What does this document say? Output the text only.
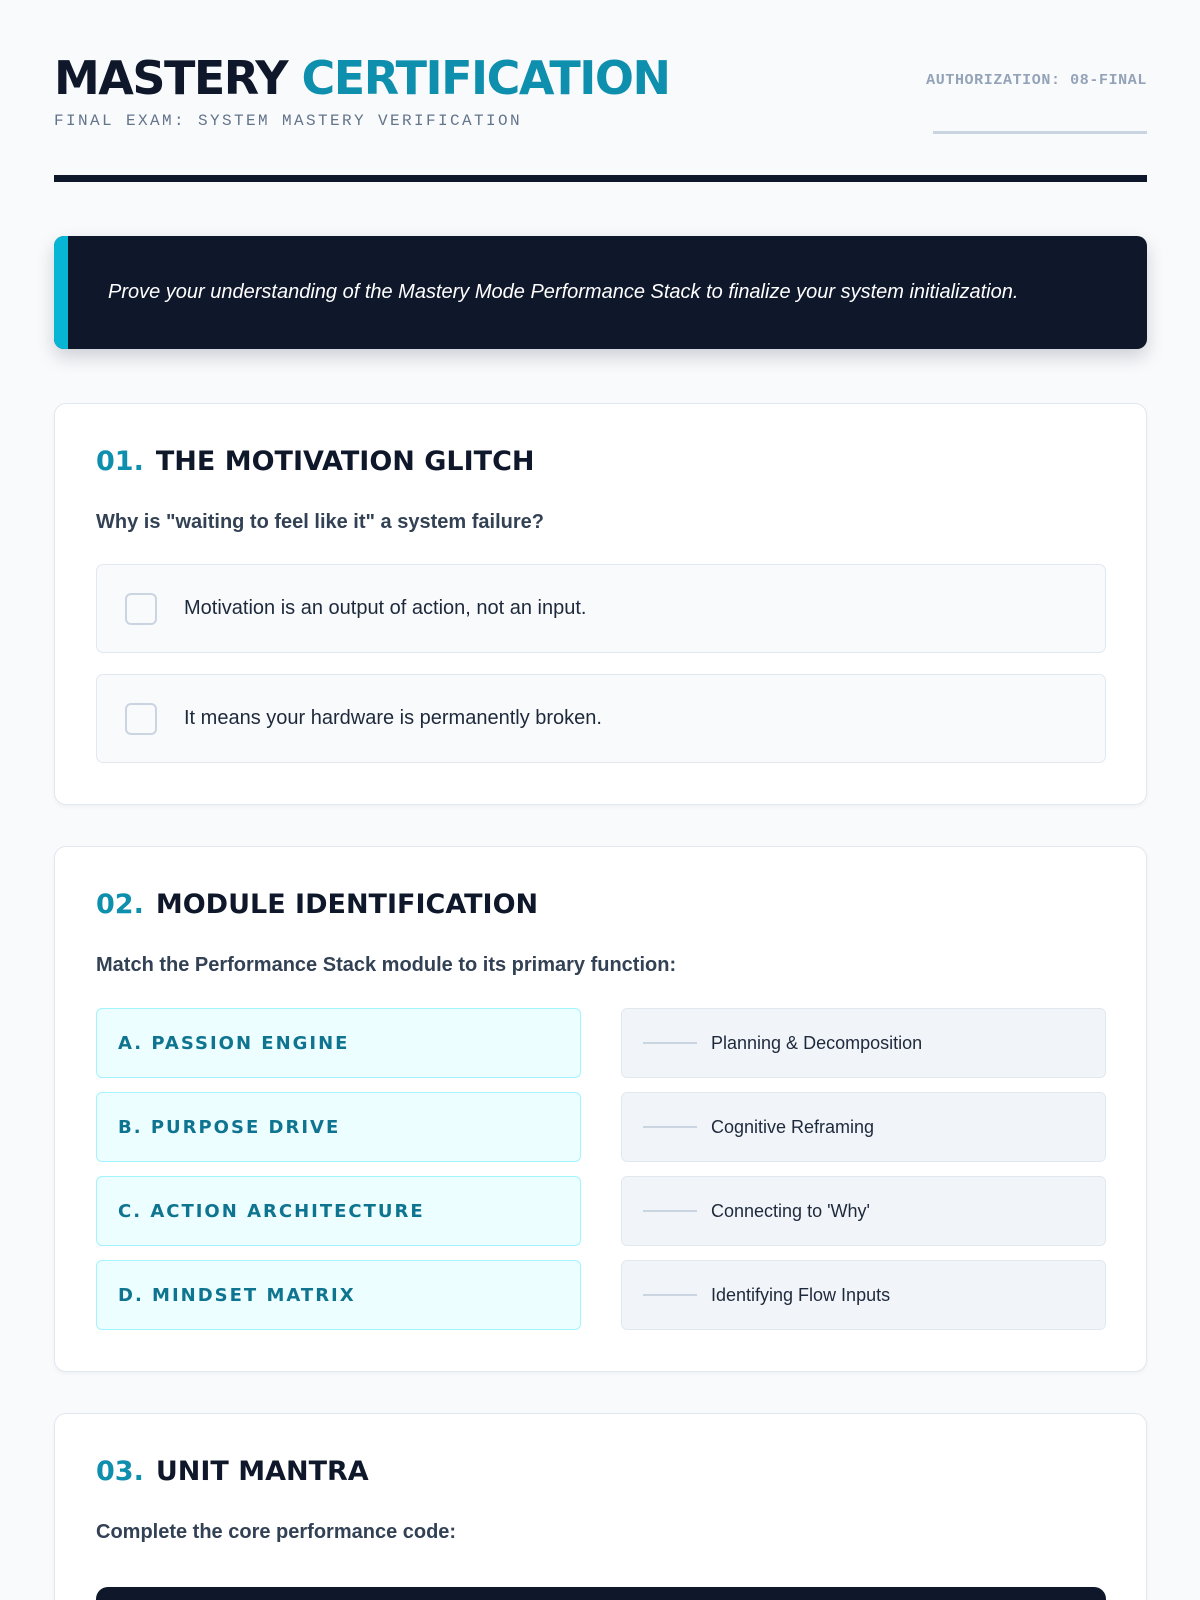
MASTERY CERTIFICATION
FINAL EXAM: SYSTEM MASTERY VERIFICATION
AUTHORIZATION: 08-FINAL
Prove your understanding of the Mastery Mode Performance Stack to finalize your system initialization.
01. THE MOTIVATION GLITCH
Why is "waiting to feel like it" a system failure?
Motivation is an output of action, not an input.
It means your hardware is permanently broken.
02. MODULE IDENTIFICATION
Match the Performance Stack module to its primary function:
A. PASSION ENGINE
B. PURPOSE DRIVE
C. ACTION ARCHITECTURE
D. MINDSET MATRIX
Planning & Decomposition
Cognitive Reframing
Connecting to 'Why'
Identifying Flow Inputs
03. UNIT MANTRA
Complete the core performance code:
